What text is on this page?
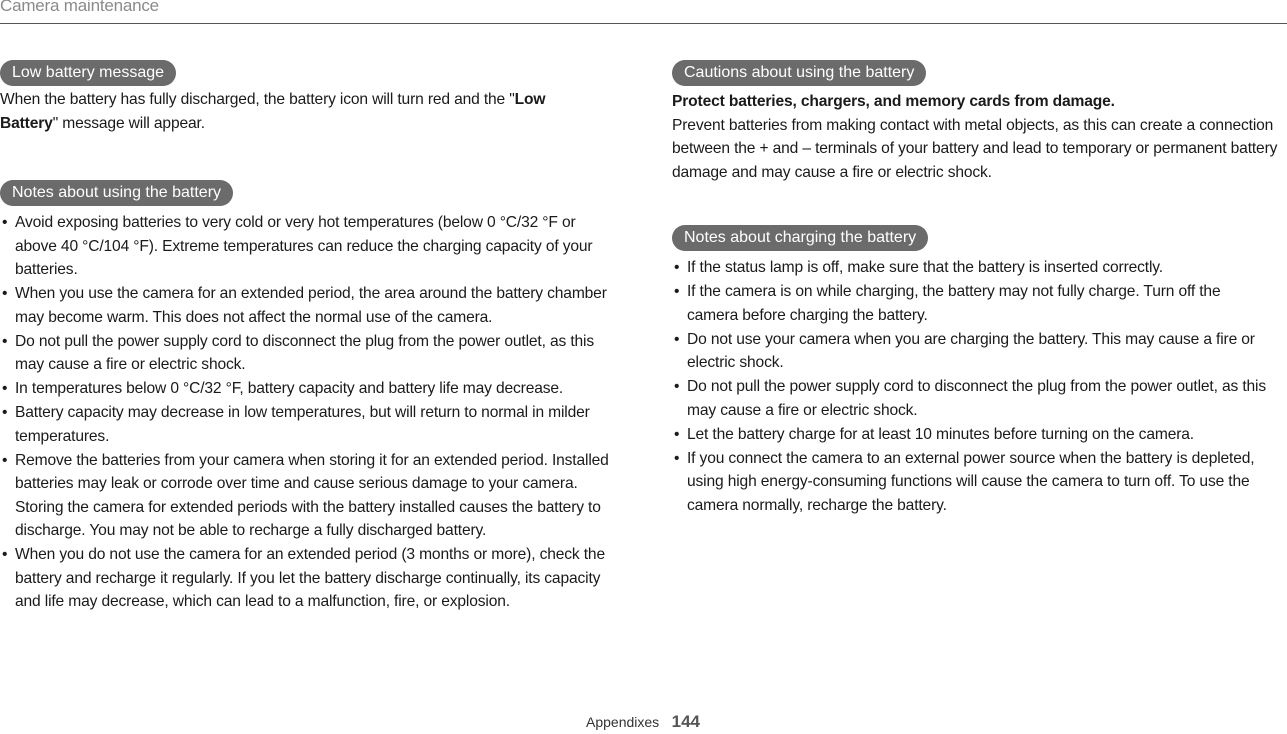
Camera maintenance
Low battery message

When the battery has fully discharged, the battery icon will turn red and the "Low Battery" message will appear.

Notes about using the battery
• Avoid exposing batteries to very cold or very hot temperatures (below 0 °C/32 °F or above 40 °C/104 °F). Extreme temperatures can reduce the charging capacity of your batteries.
• When you use the camera for an extended period, the area around the battery chamber may become warm. This does not affect the normal use of the camera.
• Do not pull the power supply cord to disconnect the plug from the power outlet, as this may cause a fire or electric shock.
• In temperatures below 0 °C/32 °F, battery capacity and battery life may decrease.
• Battery capacity may decrease in low temperatures, but will return to normal in milder temperatures.
• Remove the batteries from your camera when storing it for an extended period. Installed batteries may leak or corrode over time and cause serious damage to your camera. Storing the camera for extended periods with the battery installed causes the battery to discharge. You may not be able to recharge a fully discharged battery.
• When you do not use the camera for an extended period (3 months or more), check the battery and recharge it regularly. If you let the battery discharge continually, its capacity and life may decrease, which can lead to a malfunction, fire, or explosion.
Cautions about using the battery

Protect batteries, chargers, and memory cards from damage.

Prevent batteries from making contact with metal objects, as this can create a connection between the + and – terminals of your battery and lead to temporary or permanent battery damage and may cause a fire or electric shock.

Notes about charging the battery
• If the status lamp is off, make sure that the battery is inserted correctly.
• If the camera is on while charging, the battery may not fully charge. Turn off the camera before charging the battery.
• Do not use your camera when you are charging the battery. This may cause a fire or electric shock.
• Do not pull the power supply cord to disconnect the plug from the power outlet, as this may cause a fire or electric shock.
• Let the battery charge for at least 10 minutes before turning on the camera.
• If you connect the camera to an external power source when the battery is depleted, using high energy-consuming functions will cause the camera to turn off. To use the camera normally, recharge the battery.
Appendixes 144
